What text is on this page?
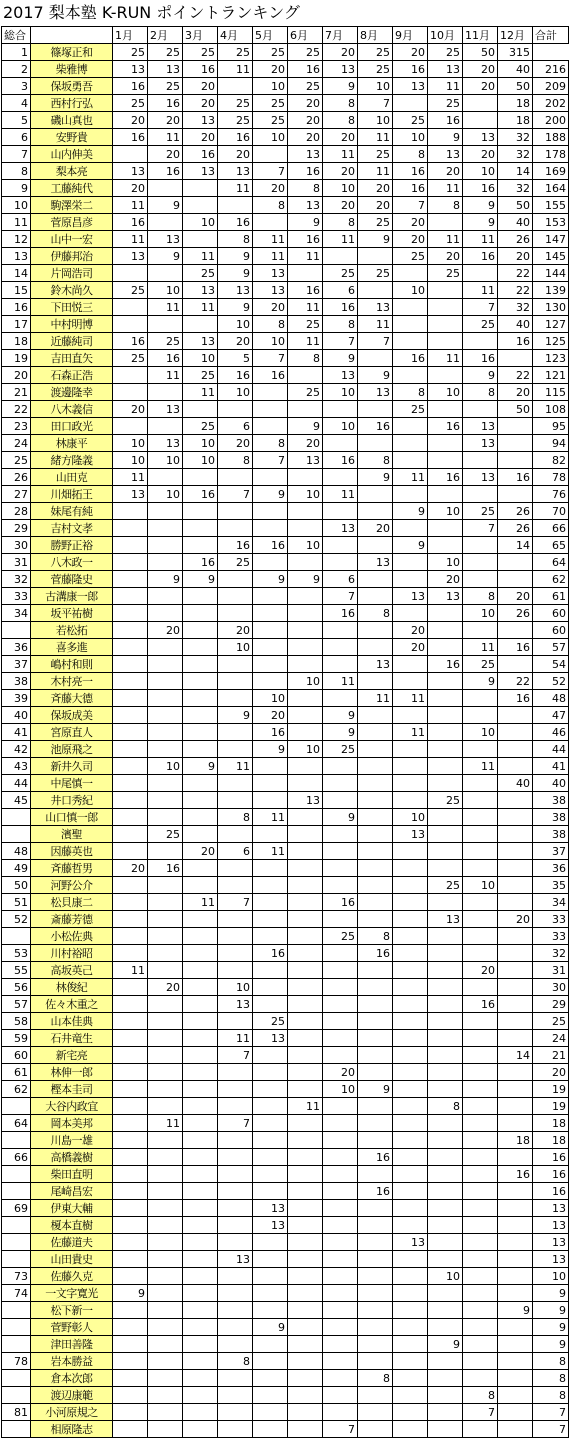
2017 梨本塾 K-RUN ポイントランキング
総合		1月	2月	3月	4月	5月	6月	7月	8月	9月	10月	11月	12月	合計
1	篠塚正和	25	25	25	25	25	25	20	25	20	25	50	315	
2	柴雅博	13	13	16	11	20	16	13	25	16	13	20	40	216
3	保坂勇吾	16	25	20		10	25	9	10	13	11	20	50	209
4	西村行弘	25	16	20	25	25	20	8	7		25		18	202
5	磯山真也	20	20	13	25	25	20	8	10	25	16		18	200
6	安野貴	16	11	20	16	10	20	20	11	10	9	13	32	188
7	山内伸美		20	16	20		13	11	25	8	13	20	32	178
8	梨本亮	13	16	13	13	7	16	20	11	16	20	10	14	169
9	工藤純代	20			11	20	8	10	20	16	11	16	32	164
10	駒澤栄二	11	9			8	13	20	20	7	8	9	50	155
11	菅原昌彦	16		10	16		9	8	25	20		9	40	153
12	山中一宏	11	13		8	11	16	11	9	20	11	11	26	147
13	伊藤邦治	13	9	11	9	11	11			25	20	16	20	145
14	片岡浩司			25	9	13		25	25		25		22	144
15	鈴木尚久	25	10	13	13	13	16	6		10		11	22	139
16	下田悦三		11	11	9	20	11	16	13			7	32	130
17	中村明博				10	8	25	8	11			25	40	127
18	近藤純司	16	25	13	20	10	11	7	7				16	125
19	吉田直矢	25	16	10	5	7	8	9		16	11	16		123
20	石森正浩		11	25	16	16		13	9			9	22	121
21	渡邊隆幸			11	10		25	10	13	8	10	8	20	115
22	八木義信	20	13							25			50	108
23	田口政光			25	6		9	10	16		16	13		95
24	林康平	10	13	10	20	8	20					13		94
25	緒方隆義	10	10	10	8	7	13	16	8					82
26	山田克	11							9	11	16	13	16	78
27	川畑拓王	13	10	16	7	9	10	11						76
28	妹尾有純									9	10	25	26	70
29	吉村文孝							13	20			7	26	66
30	勝野正裕				16	16	10			9			14	65
31	八木政一			16	25				13		10			64
32	菅藤隆史		9	9		9	9	6			20			62
33	古溝康一郎							7		13	13	8	20	61
34	坂平祐樹							16	8			10	26	60
	若松拓		20		20					20				60
36	喜多進				10					20		11	16	57
37	嶋村和則								13		16	25		54
38	木村亮一						10	11				9	22	52
39	斉藤大德					10			11	11			16	48
40	保坂成美				9	20		9						47
41	宮原直人					16		9		11		10		46
42	池原飛之					9	10	25						44
43	新井久司		10	9	11							11		41
44	中尾慎一												40	40
45	井口秀紀						13				25			38
	山口慎一郎				8	11		9		10				38
	濱聖		25							13				38
48	因藤英也			20	6	11								37
49	斉藤哲男	20	16											36
50	河野公介										25	10		35
51	松貝康二			11	7			16						34
52	斎藤芳德										13		20	33
	小松佐典							25	8					33
53	川村裕昭					16			16					32
55	高坂英己	11										20		31
56	林俊紀		20		10									30
57	佐々木重之				13							16		29
58	山本佳典					25								25
59	石井竜生				11	13								24
60	新宅亮				7								14	21
61	林伸一郎							20						20
62	樫本圭司							10	9					19
	大谷内政宜						11				8			19
64	岡本美邦		11		7									18
	川島一雄												18	18
66	高橋義樹								16					16
	柴田直明												16	16
	尾崎昌宏								16					16
69	伊東大輔					13								13
	榎本直樹					13								13
	佐藤道夫									13				13
	山田貴史				13									13
73	佐藤久克										10			10
74	一文字寛光	9												9
	松下新一												9	9
	菅野彰人					9								9
	津田善隆										9			9
78	岩本勝益				8									8
	倉本次郎								8					8
	渡辺康範											8		8
81	小河原規之											7		7
	相原隆志							7						7
